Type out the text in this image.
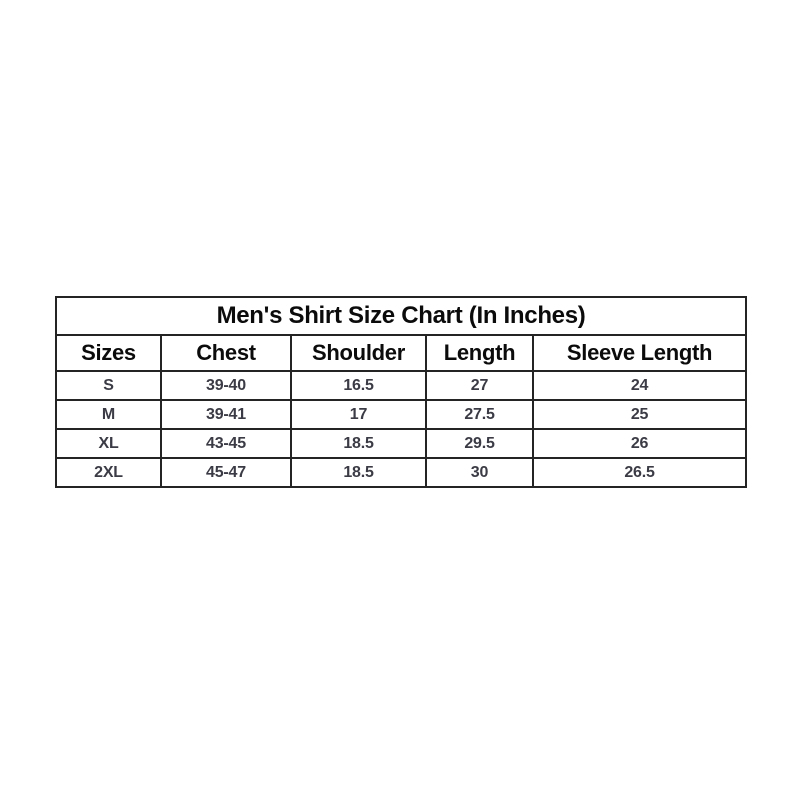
Men's Shirt Size Chart (In Inches)				
Sizes	Chest	Shoulder	Length	Sleeve Length
S	39-40	16.5	27	24
M	39-41	17	27.5	25
XL	43-45	18.5	29.5	26
2XL	45-47	18.5	30	26.5
